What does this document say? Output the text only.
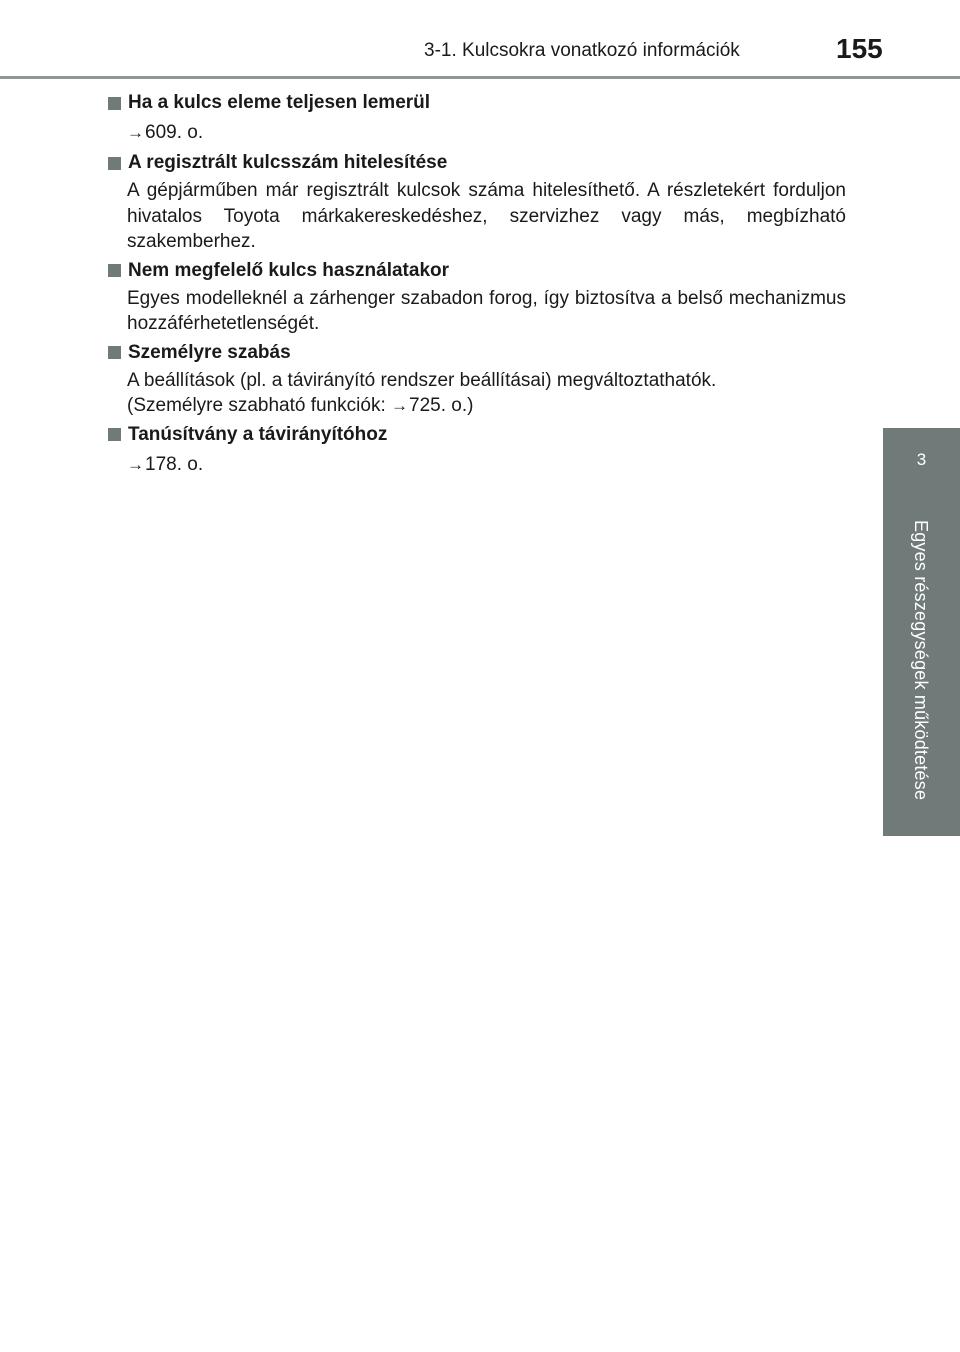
3-1. Kulcsokra vonatkozó információk	155
3
Egyes részegységek működtetése
Ha a kulcs eleme teljesen lemerül
→ 609. o.
A regisztrált kulcsszám hitelesítése

A gépjárműben már regisztrált kulcsok száma hitelesíthető. A részletekért forduljon hivatalos Toyota márkakereskedéshez, szervizhez vagy más, megbízható szakemberhez.

Nem megfelelő kulcs használatakor

Egyes modelleknél a zárhenger szabadon forog, így biztosítva a belső mechanizmus hozzáférhetetlenségét.

Személyre szabás

A beállítások (pl. a távirányító rendszer beállításai) megváltoztathatók.

(Személyre szabható funkciók: →725. o.)

Tanúsítvány a távirányítóhoz
→ 178. o.
